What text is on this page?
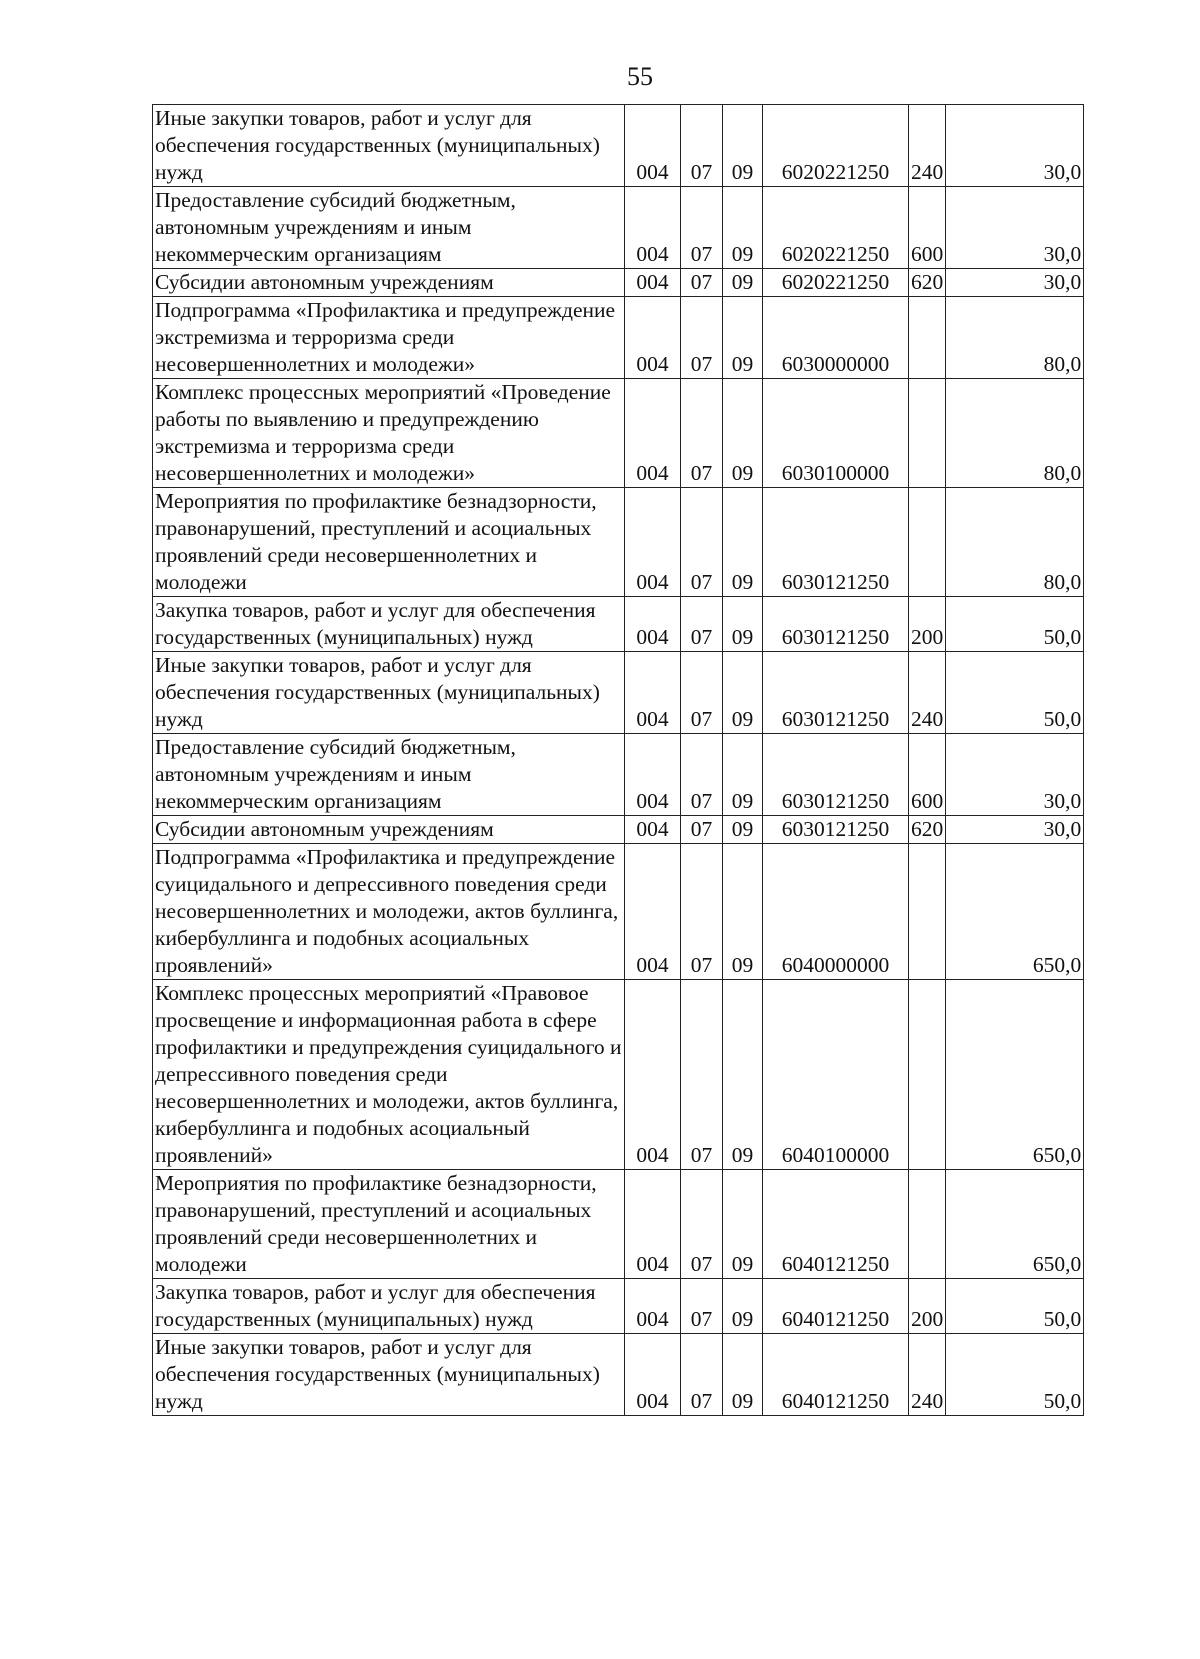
55
Иные закупки товаров, работ и услуг для обеспечения государственных (муниципальных) нужд	004	07	09	6020221250	240	30,0
Предоставление субсидий бюджетным, автономным учреждениям и иным некоммерческим организациям	004	07	09	6020221250	600	30,0
Субсидии автономным учреждениям	004	07	09	6020221250	620	30,0
Подпрограмма «Профилактика и предупреждение экстремизма и терроризма среди несовершеннолетних и молодежи»	004	07	09	6030000000		80,0
Комплекс процессных мероприятий «Проведение работы по выявлению и предупреждению экстремизма и терроризма среди несовершеннолетних и молодежи»	004	07	09	6030100000		80,0
Мероприятия по профилактике безнадзорности, правонарушений, преступлений и асоциальных проявлений среди несовершеннолетних и молодежи	004	07	09	6030121250		80,0
Закупка товаров, работ и услуг для обеспечения государственных (муниципальных) нужд	004	07	09	6030121250	200	50,0
Иные закупки товаров, работ и услуг для обеспечения государственных (муниципальных) нужд	004	07	09	6030121250	240	50,0
Предоставление субсидий бюджетным, автономным учреждениям и иным некоммерческим организациям	004	07	09	6030121250	600	30,0
Субсидии автономным учреждениям	004	07	09	6030121250	620	30,0
Подпрограмма «Профилактика и предупреждение суицидального и депрессивного поведения среди несовершеннолетних и молодежи, актов буллинга, кибербуллинга и подобных асоциальных проявлений»	004	07	09	6040000000		650,0
Комплекс процессных мероприятий «Правовое просвещение и информационная работа в сфере профилактики и предупреждения суицидального и депрессивного поведения среди несовершеннолетних и молодежи, актов буллинга, кибербуллинга и подобных асоциальный проявлений»	004	07	09	6040100000		650,0
Мероприятия по профилактике безнадзорности, правонарушений, преступлений и асоциальных проявлений среди несовершеннолетних и молодежи	004	07	09	6040121250		650,0
Закупка товаров, работ и услуг для обеспечения государственных (муниципальных) нужд	004	07	09	6040121250	200	50,0
Иные закупки товаров, работ и услуг для обеспечения государственных (муниципальных) нужд	004	07	09	6040121250	240	50,0
